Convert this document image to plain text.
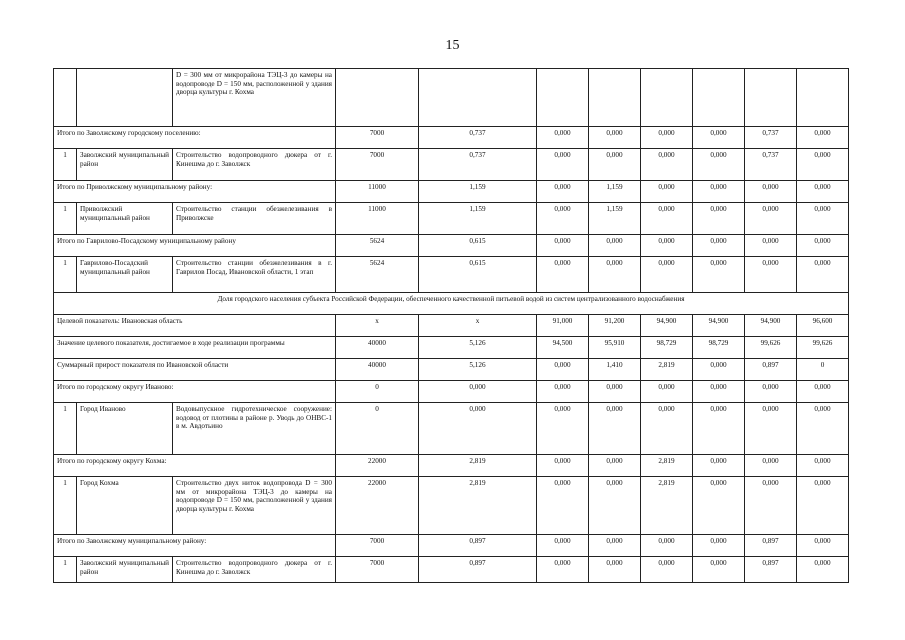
15
		D = 300 мм от микрорайона ТЭЦ-3 до камеры на водопроводе D = 150 мм, расположенной у здания дворца культуры г. Кохма								
Итого по Заволжскому городскому поселению:			7000	0,737	0,000	0,000	0,000	0,000	0,737	0,000
1	Заволжский муниципальный район	Строительство водопроводного дюкера от г. Кинешма до г. Заволжск	7000	0,737	0,000	0,000	0,000	0,000	0,737	0,000
Итого по Приволжскому муниципальному району:			11000	1,159	0,000	1,159	0,000	0,000	0,000	0,000
1	Приволжский муниципальный район	Строительство станции обезжелезивания в Приволжске	11000	1,159	0,000	1,159	0,000	0,000	0,000	0,000
Итого по Гаврилово-Посадскому муниципальному району			5624	0,615	0,000	0,000	0,000	0,000	0,000	0,000
1	Гаврилово-Посадский муниципальный район	Строительство станции обезжелезивания в г. Гаврилов Посад, Ивановской области, 1 этап	5624	0,615	0,000	0,000	0,000	0,000	0,000	0,000
Доля городского населения субъекта Российской Федерации, обеспеченного качественной питьевой водой из систем централизованного водоснабжения										
Целевой показатель: Ивановская область			x	x	91,000	91,200	94,900	94,900	94,900	96,600
Значение целевого показателя, достигаемое в ходе реализации программы			40000	5,126	94,500	95,910	98,729	98,729	99,626	99,626
Суммарный прирост показателя по Ивановской области			40000	5,126	0,000	1,410	2,819	0,000	0,897	0
Итого по городскому округу Иваново:			0	0,000	0,000	0,000	0,000	0,000	0,000	0,000
1	Город Иваново	Водовыпускное гидротехническое сооружение: водовод от плотины в районе р. Уводь до ОНВС-1 в м. Авдотьино	0	0,000	0,000	0,000	0,000	0,000	0,000	0,000
Итого по городскому округу Кохма:			22000	2,819	0,000	0,000	2,819	0,000	0,000	0,000
1	Город Кохма	Строительство двух ниток водопровода D = 300 мм от микрорайона ТЭЦ-3 до камеры на водопроводе D = 150 мм, расположенной у здания дворца культуры г. Кохма	22000	2,819	0,000	0,000	2,819	0,000	0,000	0,000
Итого по Заволжскому муниципальному району:			7000	0,897	0,000	0,000	0,000	0,000	0,897	0,000
1	Заволжский муниципальный район	Строительство водопроводного дюкера от г. Кинешма до г. Заволжск	7000	0,897	0,000	0,000	0,000	0,000	0,897	0,000
